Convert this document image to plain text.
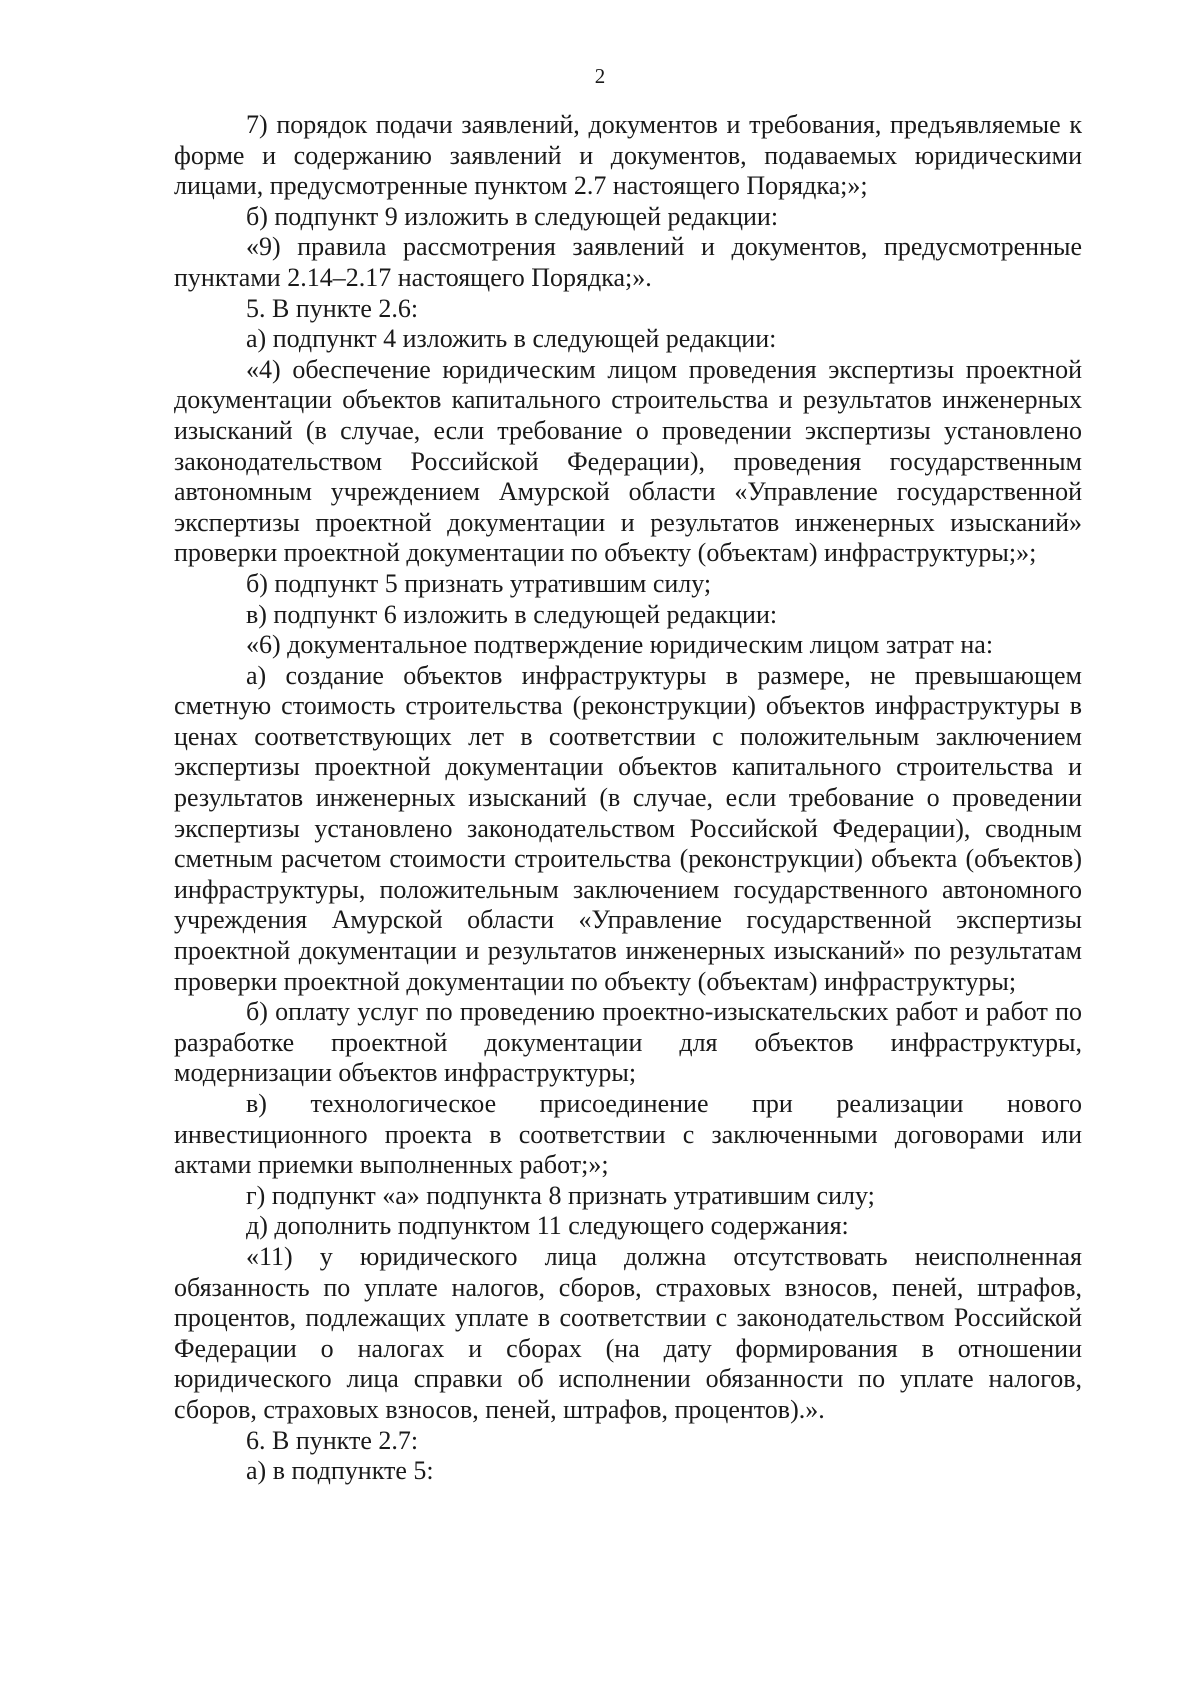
2

7) порядок подачи заявлений, документов и требования, предъявляемые к форме и содержанию заявлений и документов, подаваемых юридическими лицами, предусмотренные пунктом 2.7 настоящего Порядка;»;

б) подпункт 9 изложить в следующей редакции:

«9) правила рассмотрения заявлений и документов, предусмотренные пунктами 2.14–2.17 настоящего Порядка;».

5. В пункте 2.6:

а) подпункт 4 изложить в следующей редакции:

«4) обеспечение юридическим лицом проведения экспертизы проектной документации объектов капитального строительства и результатов инженерных изысканий (в случае, если требование о проведении экспертизы установлено законодательством Российской Федерации), проведения государственным автономным учреждением Амурской области «Управление государственной экспертизы проектной документации и результатов инженерных изысканий» проверки проектной документации по объекту (объектам) инфраструктуры;»;

б) подпункт 5 признать утратившим силу;

в) подпункт 6 изложить в следующей редакции:

«6) документальное подтверждение юридическим лицом затрат на:

а) создание объектов инфраструктуры в размере, не превышающем сметную стоимость строительства (реконструкции) объектов инфраструктуры в ценах соответствующих лет в соответствии с положительным заключением экспертизы проектной документации объектов капитального строительства и результатов инженерных изысканий (в случае, если требование о проведении экспертизы установлено законодательством Российской Федерации), сводным сметным расчетом стоимости строительства (реконструкции) объекта (объектов) инфраструктуры, положительным заключением государственного автономного учреждения Амурской области «Управление государственной экспертизы проектной документации и результатов инженерных изысканий» по результатам проверки проектной документации по объекту (объектам) инфраструктуры;

б) оплату услуг по проведению проектно-изыскательских работ и работ по разработке проектной документации для объектов инфраструктуры, модернизации объектов инфраструктуры;

в) технологическое присоединение при реализации нового инвестиционного проекта в соответствии с заключенными договорами или актами приемки выполненных работ;»;

г) подпункт «а» подпункта 8 признать утратившим силу;

д) дополнить подпунктом 11 следующего содержания:

«11) у юридического лица должна отсутствовать неисполненная обязанность по уплате налогов, сборов, страховых взносов, пеней, штрафов, процентов, подлежащих уплате в соответствии с законодательством Российской Федерации о налогах и сборах (на дату формирования в отношении юридического лица справки об исполнении обязанности по уплате налогов, сборов, страховых взносов, пеней, штрафов, процентов).».

6. В пункте 2.7:

а) в подпункте 5:
